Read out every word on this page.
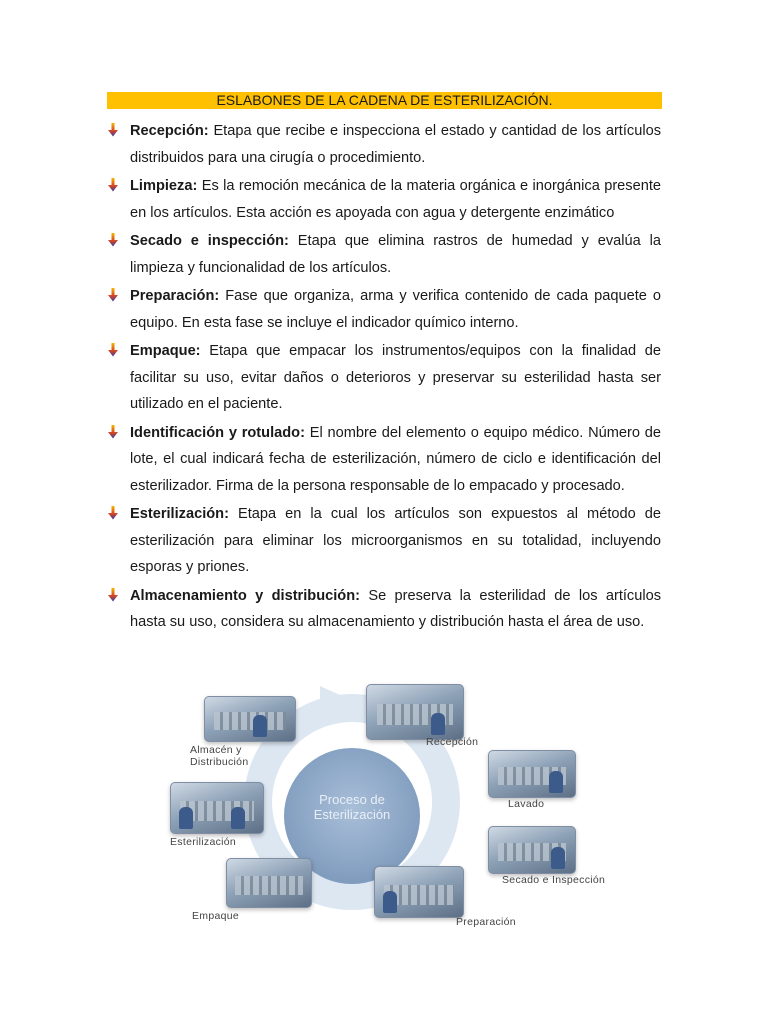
ESLABONES DE LA CADENA DE ESTERILIZACIÓN.
Recepción: Etapa que recibe e inspecciona el estado y cantidad de los artículos distribuidos para una cirugía o procedimiento.
Limpieza: Es la remoción mecánica de la materia orgánica e inorgánica presente en los artículos. Esta acción es apoyada con agua y detergente enzimático
Secado e inspección: Etapa que elimina rastros de humedad y evalúa la limpieza y funcionalidad de los artículos.
Preparación: Fase que organiza, arma y verifica contenido de cada paquete o equipo. En esta fase se incluye el indicador químico interno.
Empaque: Etapa que empacar los instrumentos/equipos con la finalidad de facilitar su uso, evitar daños o deterioros y preservar su esterilidad hasta ser utilizado en el paciente.
Identificación y rotulado: El nombre del elemento o equipo médico. Número de lote, el cual indicará fecha de esterilización, número de ciclo e identificación del esterilizador. Firma de la persona responsable de lo empacado y procesado.
Esterilización: Etapa en la cual los artículos son expuestos al método de esterilización para eliminar los microorganismos en su totalidad, incluyendo esporas y priones.
Almacenamiento y distribución: Se preserva la esterilidad de los artículos hasta su uso, considera su almacenamiento y distribución hasta el área de uso.
Proceso de Esterilización
Recepción
Lavado
Secado e Inspección
Preparación
Empaque
Esterilización
Almacén y Distribución
